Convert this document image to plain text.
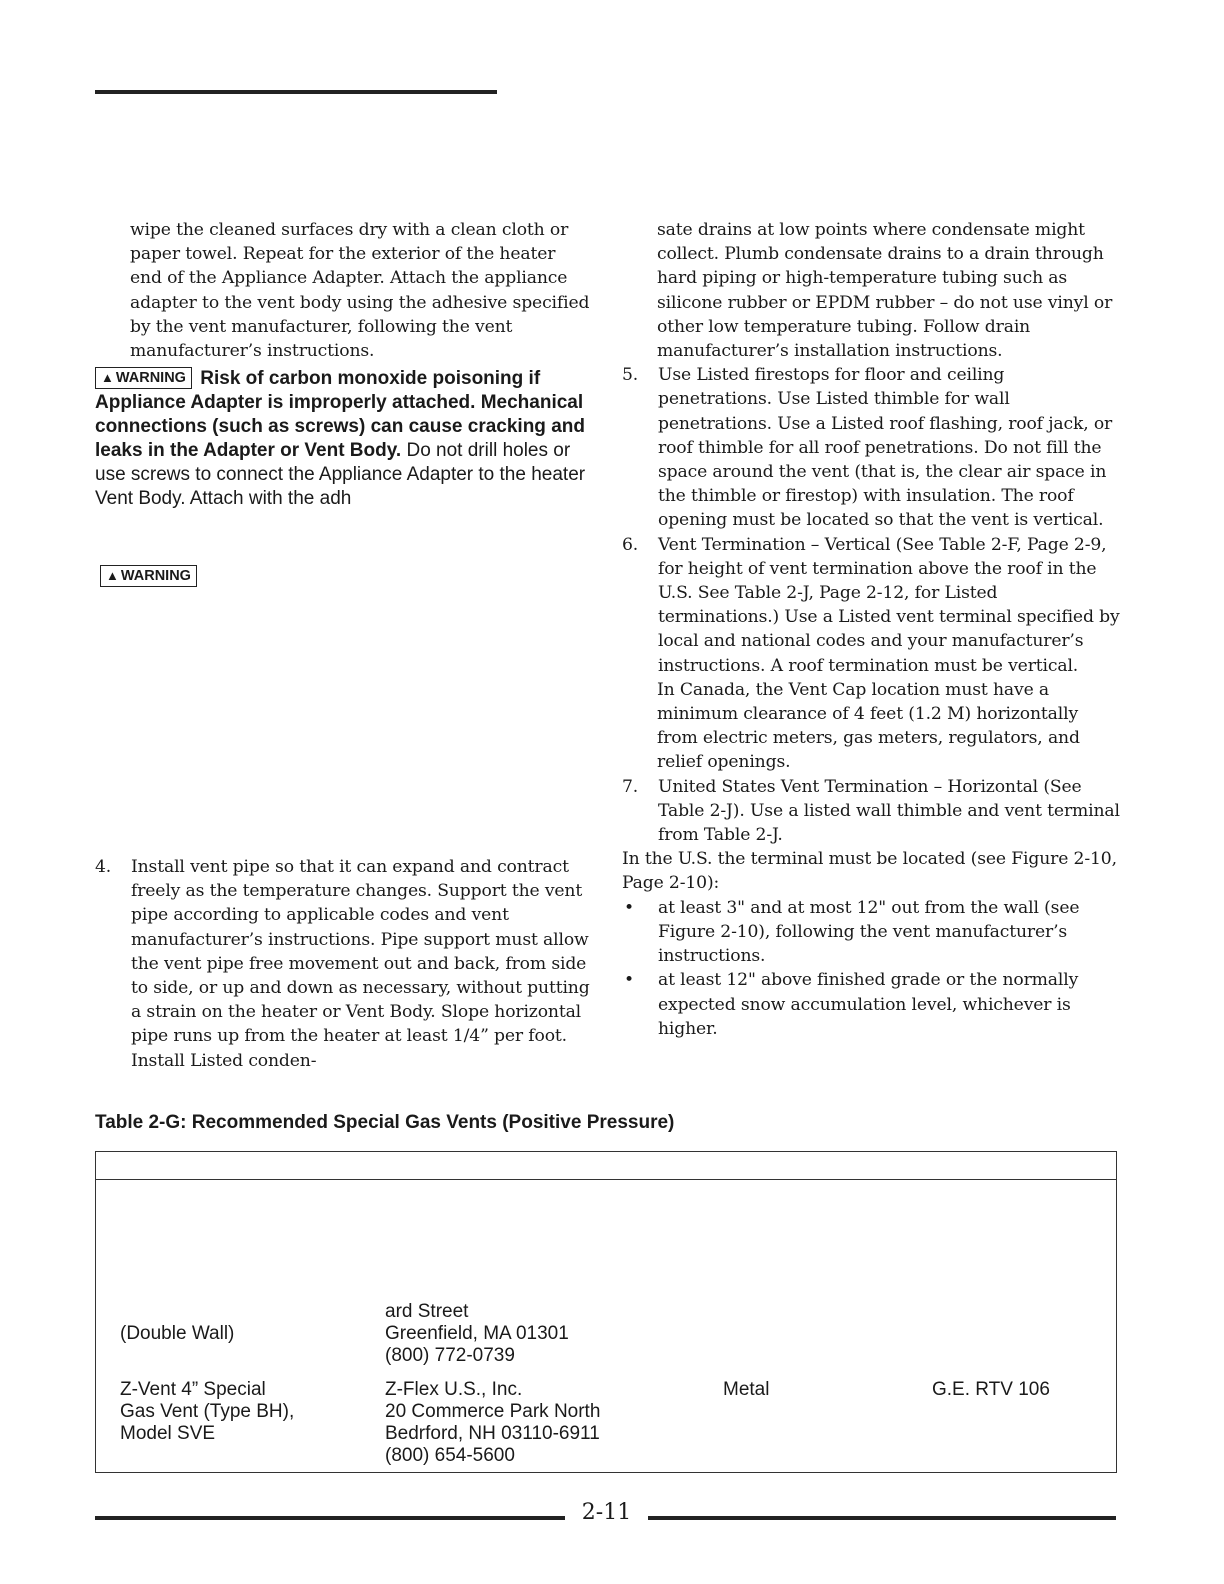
wipe the cleaned surfaces dry with a clean cloth or paper towel. Repeat for the exterior of the heater end of the Appliance Adapter. Attach the appliance adapter to the vent body using the adhesive specified by the vent manufacturer, following the vent manufacturer’s instructions.

▲ WARNING Risk of carbon monoxide poisoning if Appliance Adapter is improperly attached. Mechanical connections (such as screws) can cause cracking and leaks in the Adapter or Vent Body. Do not drill holes or use screws to connect the Appliance Adapter to the heater Vent Body. Attach with the adh
▲ WARNING

4. Install vent pipe so that it can expand and contract freely as the temperature changes. Support the vent pipe according to applicable codes and vent manufacturer’s instructions. Pipe support must allow the vent pipe free movement out and back, from side to side, or up and down as necessary, without putting a strain on the heater or Vent Body. Slope horizontal pipe runs up from the heater at least 1/4” per foot. Install Listed conden-

sate drains at low points where condensate might collect. Plumb condensate drains to a drain through hard piping or high-temperature tubing such as silicone rubber or EPDM rubber – do not use vinyl or other low temperature tubing. Follow drain manufacturer’s installation instructions.

5. Use Listed firestops for floor and ceiling penetrations. Use Listed thimble for wall penetrations. Use a Listed roof flashing, roof jack, or roof thimble for all roof penetrations. Do not fill the space around the vent (that is, the clear air space in the thimble or firestop) with insulation. The roof opening must be located so that the vent is vertical.

6. Vent Termination – Vertical (See Table 2-F, Page 2-9, for height of vent termination above the roof in the U.S. See Table 2-J, Page 2-12, for Listed terminations.) Use a Listed vent terminal specified by local and national codes and your manufacturer’s instructions. A roof termination must be vertical.

In Canada, the Vent Cap location must have a minimum clearance of 4 feet (1.2 M) horizontally from electric meters, gas meters, regulators, and relief openings.

7. United States Vent Termination – Horizontal (See Table 2-J). Use a listed wall thimble and vent terminal from Table 2-J.

In the U.S. the terminal must be located (see Figure 2-10, Page 2-10):

• at least 3" and at most 12" out from the wall (see Figure 2-10), following the vent manufacturer’s instructions.

• at least 12" above finished grade or the normally expected snow accumulation level, whichever is higher.

Table 2-G: Recommended Special Gas Vents (Positive Pressure)
(Double Wall)
ard Street
Greenfield, MA 01301
(800) 772-0739
Z-Vent 4” Special
Gas Vent (Type BH),
Model SVE
Z-Flex U.S., Inc.
20 Commerce Park North
Bedrford, NH 03110-6911
(800) 654-5600
Metal	G.E. RTV 106
2-11
